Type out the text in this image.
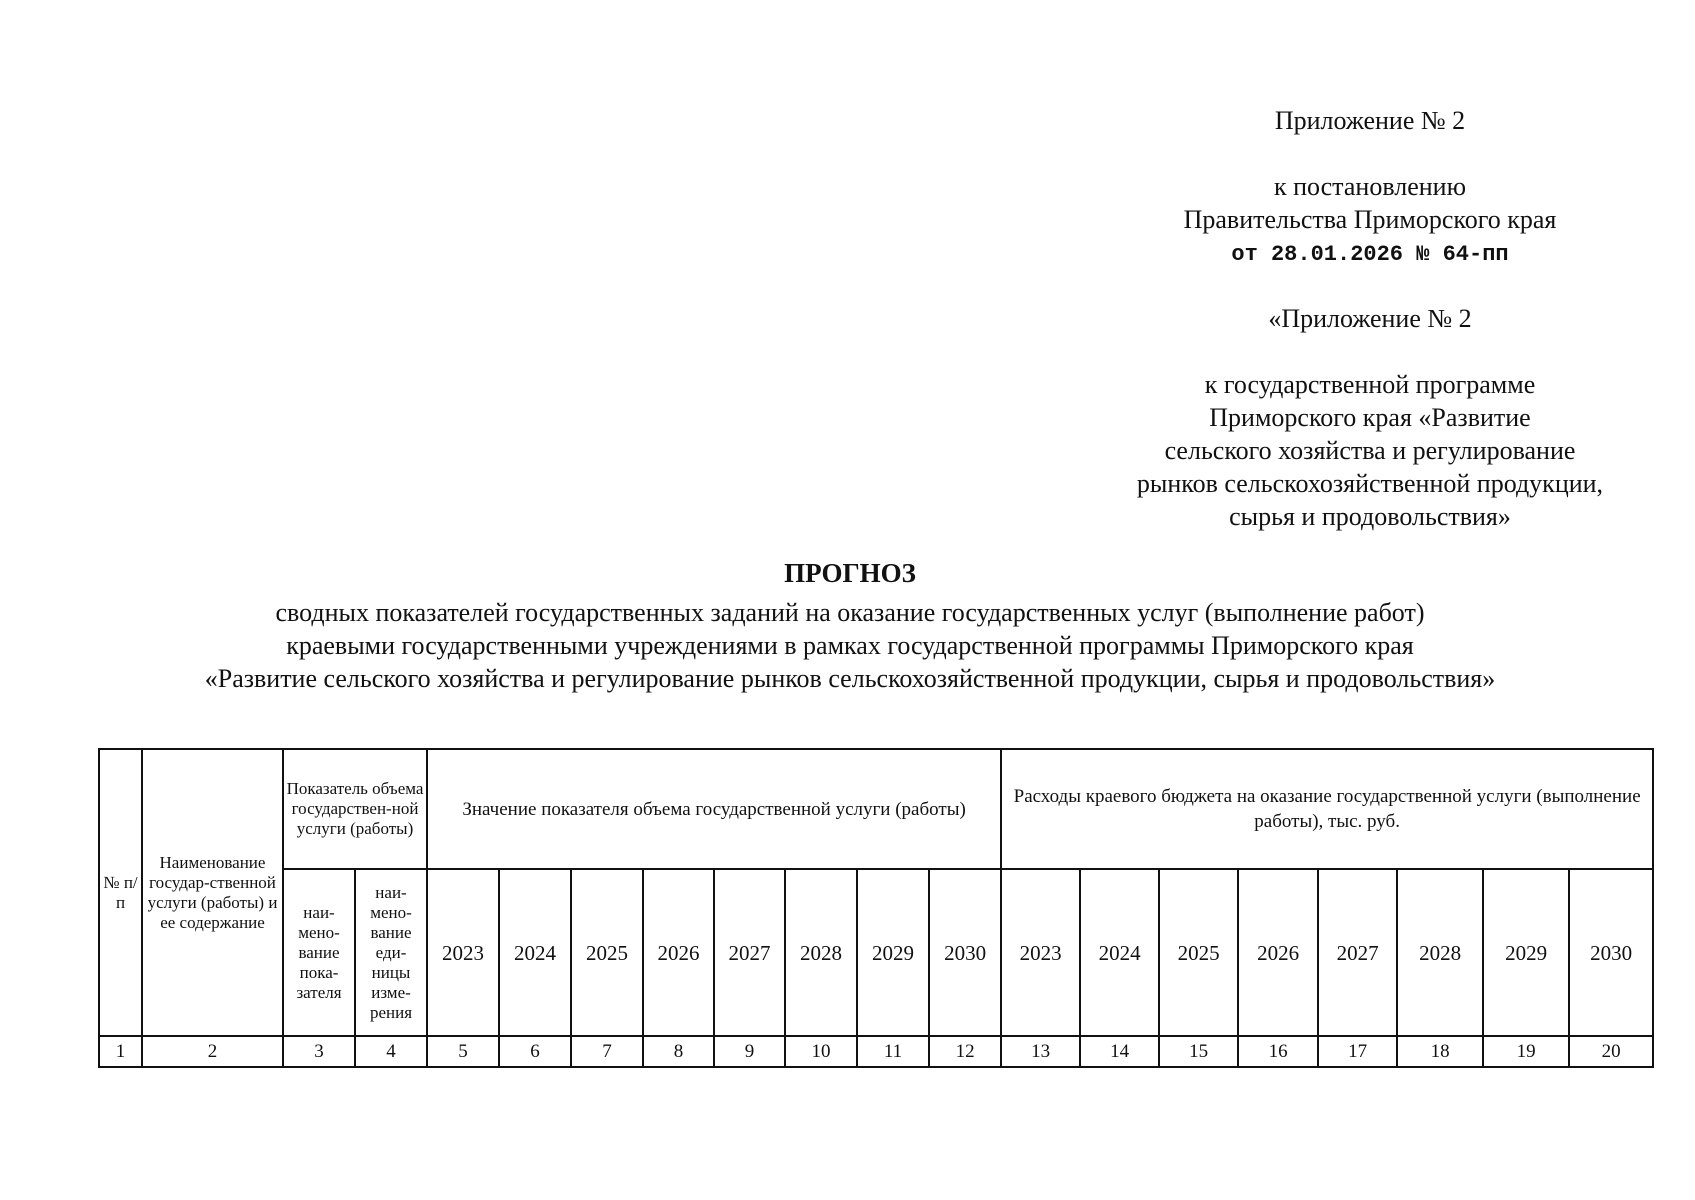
Приложение № 2
к постановлению
Правительства Приморского края
от 28.01.2026 № 64-пп
«Приложение № 2
к государственной программе
Приморского края «Развитие
сельского хозяйства и регулирование
рынков сельскохозяйственной продукции,
сырья и продовольствия»
ПРОГНОЗ
сводных показателей государственных заданий на оказание государственных услуг (выполнение работ)
краевыми государственными учреждениями в рамках государственной программы Приморского края
«Развитие сельского хозяйства и регулирование рынков сельскохозяйственной продукции, сырья и продовольствия»
№ п/п	Наименование государ-ственной услуги (работы) и ее содержание	Показатель объема государствен-ной услуги (работы)		Значение показателя объема государственной услуги (работы)								Расходы краевого бюджета на оказание государственной услуги (выполнение работы), тыс. руб.							
		наи-мено-вание пока-зателя	наи-мено-вание еди-ницы изме-рения	2023	2024	2025	2026	2027	2028	2029	2030	2023	2024	2025	2026	2027	2028	2029	2030
1	2	3	4	5	6	7	8	9	10	11	12	13	14	15	16	17	18	19	20
